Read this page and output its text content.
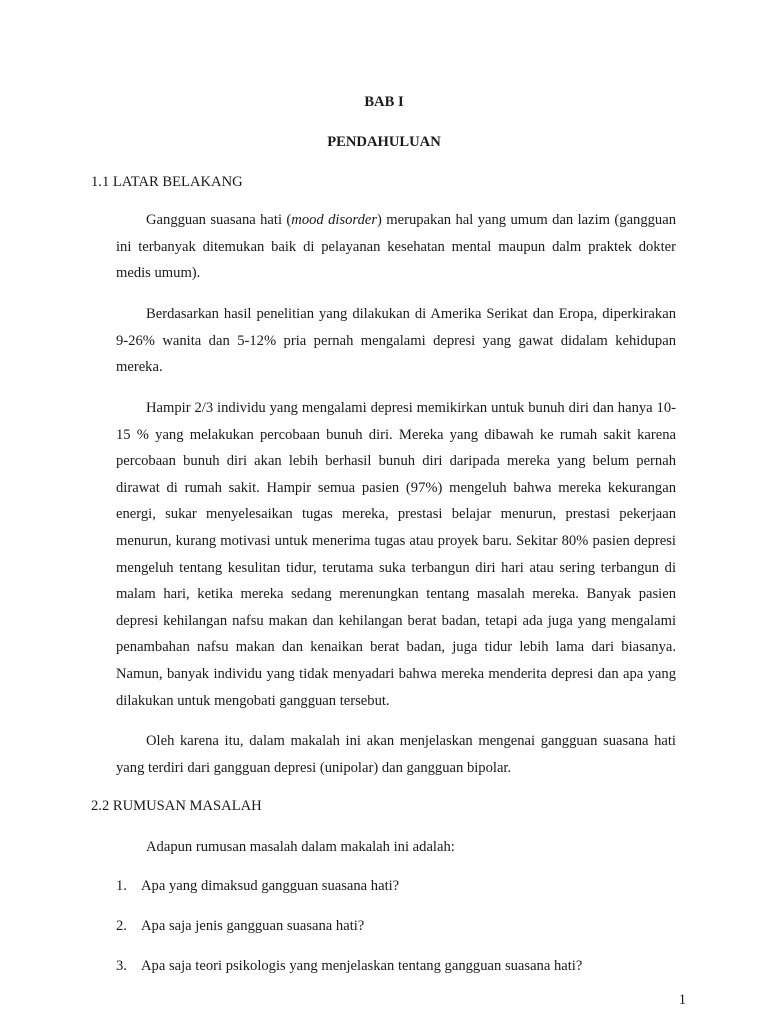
BAB I
PENDAHULUAN
1.1 LATAR BELAKANG
Gangguan suasana hati (mood disorder) merupakan hal yang umum dan lazim (gangguan ini terbanyak ditemukan baik di pelayanan kesehatan mental maupun dalm praktek dokter medis umum).
Berdasarkan hasil penelitian yang dilakukan di Amerika Serikat dan Eropa, diperkirakan 9-26% wanita dan 5-12% pria pernah mengalami depresi yang gawat didalam kehidupan mereka.
Hampir 2/3 individu yang mengalami depresi memikirkan untuk bunuh diri dan hanya 10-15 % yang melakukan percobaan bunuh diri. Mereka yang dibawah ke rumah sakit karena percobaan bunuh diri akan lebih berhasil bunuh diri daripada mereka yang belum pernah dirawat di rumah sakit. Hampir semua pasien (97%) mengeluh bahwa mereka kekurangan energi, sukar menyelesaikan tugas mereka, prestasi belajar menurun, prestasi pekerjaan menurun, kurang motivasi untuk menerima tugas atau proyek baru. Sekitar 80% pasien depresi mengeluh tentang kesulitan tidur, terutama suka terbangun diri hari atau sering terbangun di malam hari, ketika mereka sedang merenungkan tentang masalah mereka. Banyak pasien depresi kehilangan nafsu makan dan kehilangan berat badan, tetapi ada juga yang mengalami penambahan nafsu makan dan kenaikan berat badan, juga tidur lebih lama dari biasanya. Namun, banyak individu yang tidak menyadari bahwa mereka menderita depresi dan apa yang dilakukan untuk mengobati gangguan tersebut.
Oleh karena itu, dalam makalah ini akan menjelaskan mengenai gangguan suasana hati yang terdiri dari gangguan depresi (unipolar) dan gangguan bipolar.
2.2 RUMUSAN MASALAH
Adapun rumusan masalah dalam makalah ini adalah:
1. Apa yang dimaksud gangguan suasana hati?
2. Apa saja jenis gangguan suasana hati?
3. Apa saja teori psikologis yang menjelaskan tentang gangguan suasana hati?
1
